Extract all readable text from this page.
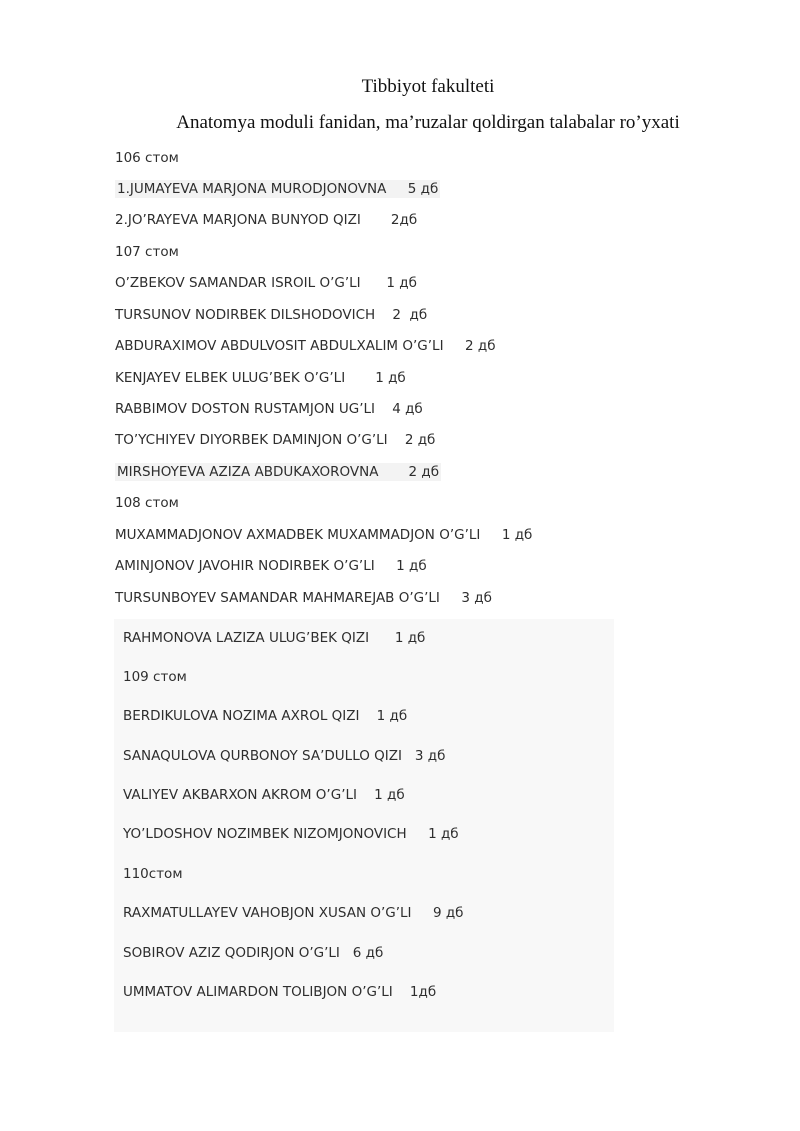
Tibbiyot fakulteti
Anatomya moduli fanidan, ma’ruzalar qoldirgan talabalar ro’yxati
106 стом
1.JUMAYEVA MARJONA MURODJONOVNA     5 дб
2.JO’RAYEVA MARJONA BUNYOD QIZI       2дб
107 стом
O’ZBEKOV SAMANDAR ISROIL O’G’LI      1 дб
TURSUNOV NODIRBEK DILSHODOVICH    2  дб
ABDURAXIMOV ABDULVOSIT ABDULXALIM O’G’LI     2 дб
KENJAYEV ELBEK ULUG’BEK O’G’LI       1 дб
RABBIMOV DOSTON RUSTAMJON UG’LI    4 дб
TO’YCHIYEV DIYORBEK DAMINJON O’G’LI    2 дб
MIRSHOYEVA AZIZA ABDUKAXOROVNA       2 дб
108 стом
MUXAMMADJONOV AXMADBEK MUXAMMADJON O’G’LI     1 дб
AMINJONOV JAVOHIR NODIRBEK O’G’LI     1 дб
TURSUNBOYEV SAMANDAR MAHMAREJAB O’G’LI     3 дб
RAHMONOVA LAZIZA ULUG’BEK QIZI      1 дб
109 стом
BERDIKULOVA NOZIMA AXROL QIZI    1 дб
SANAQULOVA QURBONOY SA’DULLO QIZI   3 дб
VALIYEV AKBARXON AKROM O’G’LI    1 дб
YO’LDOSHOV NOZIMBEK NIZOMJONOVICH     1 дб
110стом
RAXMATULLAYEV VAHOBJON XUSAN O’G’LI     9 дб
SOBIROV AZIZ QODIRJON O’G’LI   6 дб
UMMATOV ALIMARDON TOLIBJON O’G’LI    1дб
